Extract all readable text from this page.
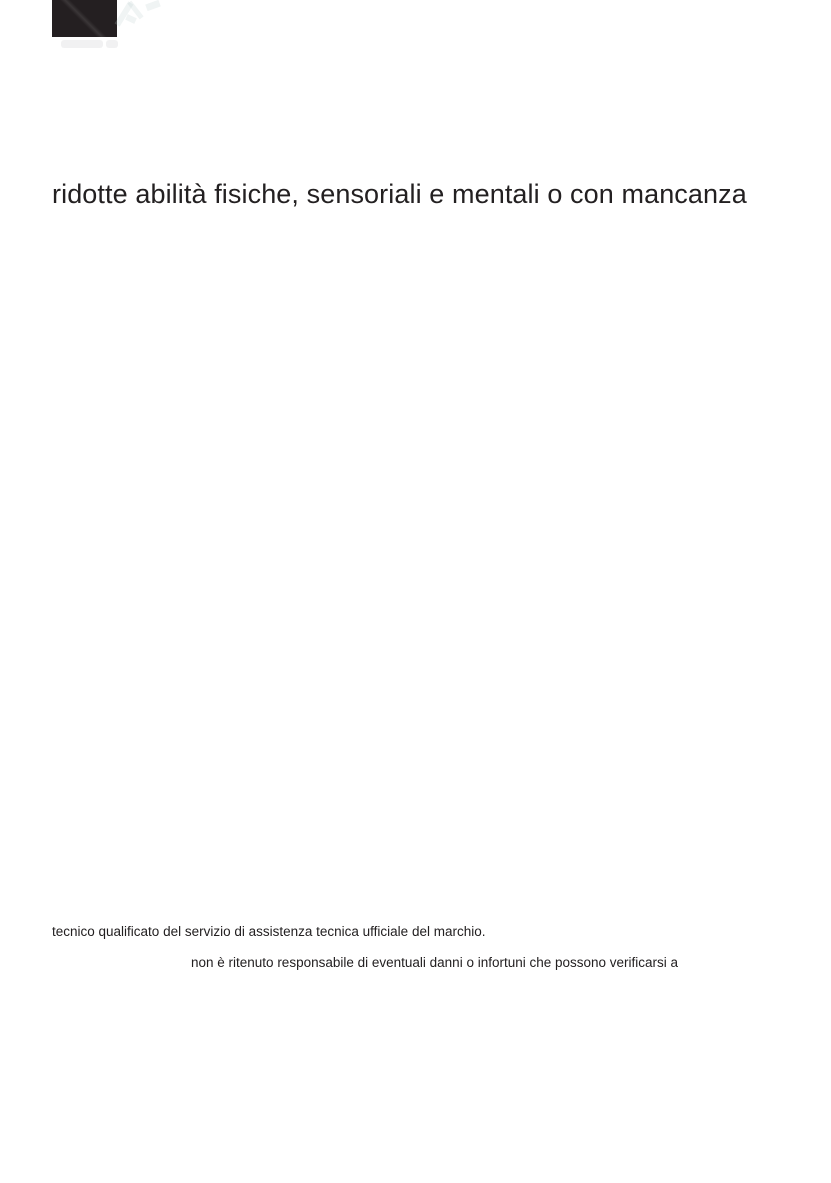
ridotte abilità fisiche, sensoriali e mentali o con mancanza
tecnico qualificato del servizio di assistenza tecnica ufficiale del marchio.
non è ritenuto responsabile di eventuali danni o infortuni che possono verificarsi a
